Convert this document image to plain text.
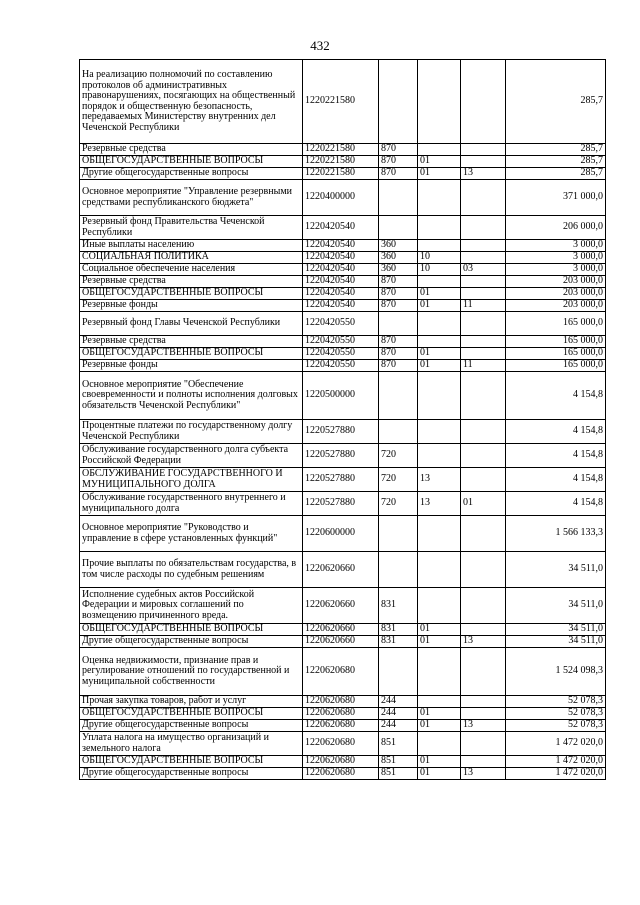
432
На реализацию полномочий по составлению протоколов об административных правонарушениях, посягающих на общественный порядок и общественную безопасность, передаваемых Министерству внутренних дел Чеченской Республики	1220221580				285,7
Резервные средства	1220221580	870			285,7
ОБЩЕГОСУДАРСТВЕННЫЕ ВОПРОСЫ	1220221580	870	01		285,7
Другие общегосударственные вопросы	1220221580	870	01	13	285,7
Основное мероприятие "Управление резервными средствами республиканского бюджета"	1220400000				371 000,0
Резервный фонд Правительства Чеченской Республики	1220420540				206 000,0
Иные выплаты населению	1220420540	360			3 000,0
СОЦИАЛЬНАЯ ПОЛИТИКА	1220420540	360	10		3 000,0
Социальное обеспечение населения	1220420540	360	10	03	3 000,0
Резервные средства	1220420540	870			203 000,0
ОБЩЕГОСУДАРСТВЕННЫЕ ВОПРОСЫ	1220420540	870	01		203 000,0
Резервные фонды	1220420540	870	01	11	203 000,0
Резервный фонд Главы Чеченской Республики	1220420550				165 000,0
Резервные средства	1220420550	870			165 000,0
ОБЩЕГОСУДАРСТВЕННЫЕ ВОПРОСЫ	1220420550	870	01		165 000,0
Резервные фонды	1220420550	870	01	11	165 000,0
Основное мероприятие "Обеспечение своевременности и полноты исполнения долговых обязательств Чеченской Республики"	1220500000				4 154,8
Процентные платежи по государственному долгу Чеченской Республики	1220527880				4 154,8
Обслуживание государственного долга субъекта Российской Федерации	1220527880	720			4 154,8
ОБСЛУЖИВАНИЕ ГОСУДАРСТВЕННОГО И МУНИЦИПАЛЬНОГО ДОЛГА	1220527880	720	13		4 154,8
Обслуживание государственного внутреннего и муниципального долга	1220527880	720	13	01	4 154,8
Основное мероприятие "Руководство и управление в сфере установленных функций"	1220600000				1 566 133,3
Прочие выплаты по обязательствам государства, в том числе расходы по судебным решениям	1220620660				34 511,0
Исполнение судебных актов Российской Федерации и мировых соглашений по возмещению причиненного вреда.	1220620660	831			34 511,0
ОБЩЕГОСУДАРСТВЕННЫЕ ВОПРОСЫ	1220620660	831	01		34 511,0
Другие общегосударственные вопросы	1220620660	831	01	13	34 511,0
Оценка недвижимости, признание прав и регулирование отношений по государственной и муниципальной собственности	1220620680				1 524 098,3
Прочая закупка товаров, работ и услуг	1220620680	244			52 078,3
ОБЩЕГОСУДАРСТВЕННЫЕ ВОПРОСЫ	1220620680	244	01		52 078,3
Другие общегосударственные вопросы	1220620680	244	01	13	52 078,3
Уплата налога на имущество организаций и земельного налога	1220620680	851			1 472 020,0
ОБЩЕГОСУДАРСТВЕННЫЕ ВОПРОСЫ	1220620680	851	01		1 472 020,0
Другие общегосударственные вопросы	1220620680	851	01	13	1 472 020,0
